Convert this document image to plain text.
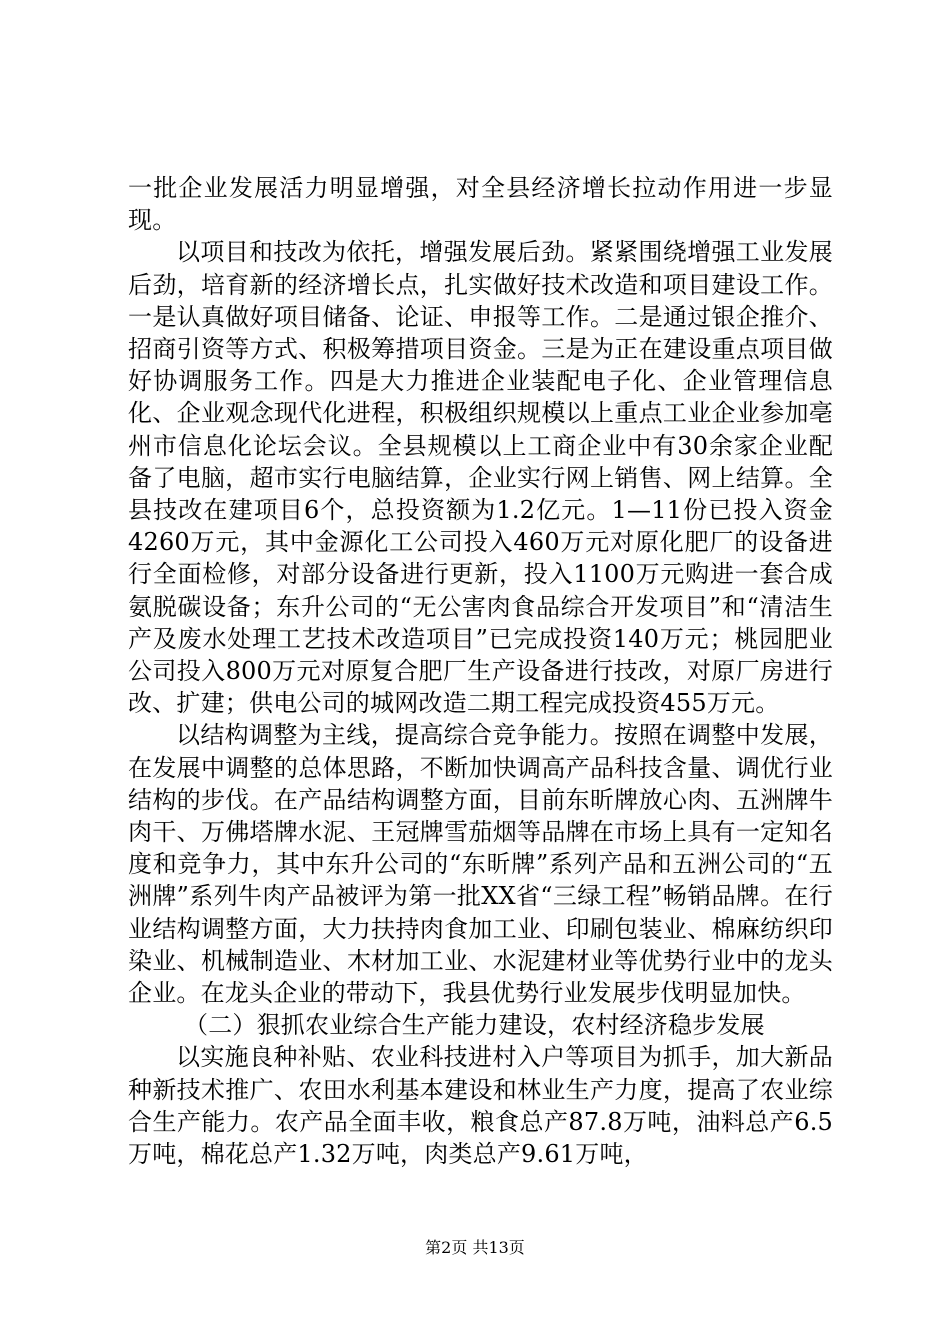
一批企业发展活力明显增强，对全县经济增长拉动作用进一步显现。

以项目和技改为依托，增强发展后劲。紧紧围绕增强工业发展后劲，培育新的经济增长点，扎实做好技术改造和项目建设工作。一是认真做好项目储备、论证、申报等工作。二是通过银企推介、招商引资等方式、积极筹措项目资金。三是为正在建设重点项目做好协调服务工作。四是大力推进企业装配电子化、企业管理信息化、企业观念现代化进程，积极组织规模以上重点工业企业参加亳州市信息化论坛会议。全县规模以上工商企业中有30余家企业配备了电脑，超市实行电脑结算，企业实行网上销售、网上结算。全县技改在建项目6个，总投资额为1.2亿元。1—11份已投入资金4260万元，其中金源化工公司投入460万元对原化肥厂的设备进行全面检修，对部分设备进行更新，投入1100万元购进一套合成氨脱碳设备；东升公司的“无公害肉食品综合开发项目”和“清洁生产及废水处理工艺技术改造项目”已完成投资140万元；桃园肥业公司投入800万元对原复合肥厂生产设备进行技改，对原厂房进行改、扩建；供电公司的城网改造二期工程完成投资455万元。

以结构调整为主线，提高综合竞争能力。按照在调整中发展，在发展中调整的总体思路，不断加快调高产品科技含量、调优行业结构的步伐。在产品结构调整方面，目前东昕牌放心肉、五洲牌牛肉干、万佛塔牌水泥、王冠牌雪茄烟等品牌在市场上具有一定知名度和竞争力，其中东升公司的“东昕牌”系列产品和五洲公司的“五洲牌”系列牛肉产品被评为第一批XX省“三绿工程”畅销品牌。在行业结构调整方面，大力扶持肉食加工业、印刷包装业、棉麻纺织印染业、机械制造业、木材加工业、水泥建材业等优势行业中的龙头企业。在龙头企业的带动下，我县优势行业发展步伐明显加快。

（二）狠抓农业综合生产能力建设，农村经济稳步发展

以实施良种补贴、农业科技进村入户等项目为抓手，加大新品种新技术推广、农田水利基本建设和林业生产力度，提高了农业综合生产能力。农产品全面丰收，粮食总产87.8万吨，油料总产6.5万吨，棉花总产1.32万吨，肉类总产9.61万吨，

第2页 共13页
